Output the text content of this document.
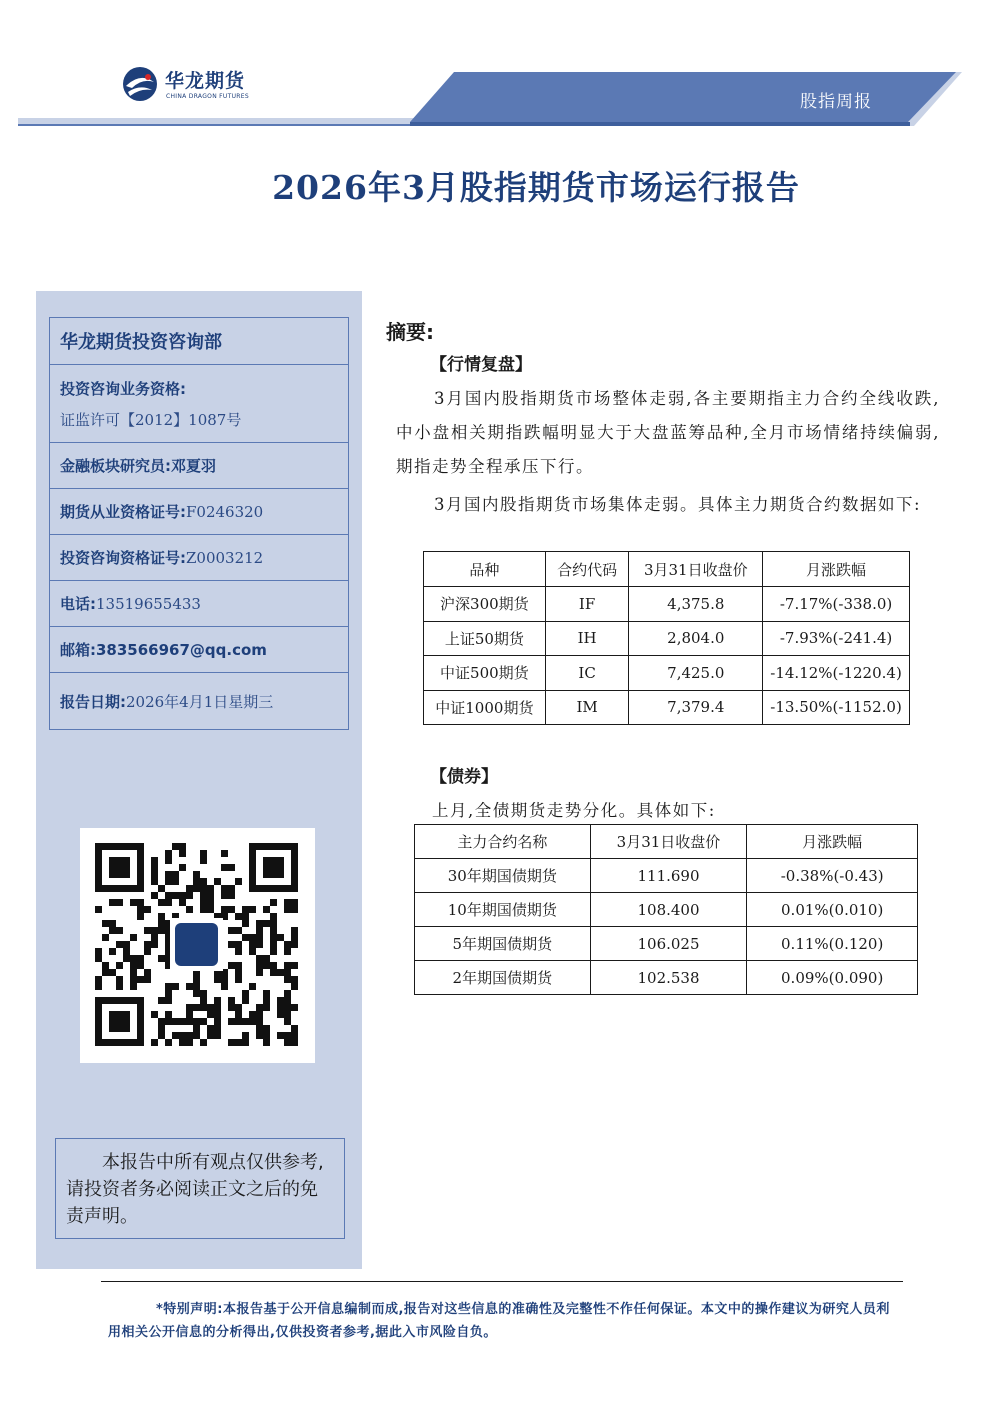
华龙期货
CHINA DRAGON FUTURES	股指周报
2026年3月股指期货市场运行报告
华龙期货投资咨询部
投资咨询业务资格:
证监许可【2012】1087号
金融板块研究员: 邓夏羽
期货从业资格证号: F0246320
投资咨询资格证号: Z0003212
电话: 13519655433
邮箱: 383566967@qq.com
报告日期: 2026年4月1日星期三
本报告中所有观点仅供参考,请投资者务必阅读正文之后的免责声明。
摘要:
【行情复盘】
3月国内股指期货市场整体走弱,各主要期指主力合约全线收跌,中小盘相关期指跌幅明显大于大盘蓝筹品种,全月市场情绪持续偏弱,期指走势全程承压下行。
3月国内股指期货市场集体走弱。具体主力期货合约数据如下:
品种	合约代码	3月31日收盘价	月涨跌幅
沪深300期货	IF	4,375.8	-7.17%(-338.0)
上证50期货	IH	2,804.0	-7.93%(-241.4)
中证500期货	IC	7,425.0	-14.12%(-1220.4)
中证1000期货	IM	7,379.4	-13.50%(-1152.0)
【债券】
上月,全债期货走势分化。具体如下:
主力合约名称	3月31日收盘价	月涨跌幅
30年期国债期货	111.690	-0.38%(-0.43)
10年期国债期货	108.400	0.01%(0.010)
5年期国债期货	106.025	0.11%(0.120)
2年期国债期货	102.538	0.09%(0.090)
*特别声明:本报告基于公开信息编制而成,报告对这些信息的准确性及完整性不作任何保证。本文中的操作建议为研究人员利用相关公开信息的分析得出,仅供投资者参考,据此入市风险自负。
